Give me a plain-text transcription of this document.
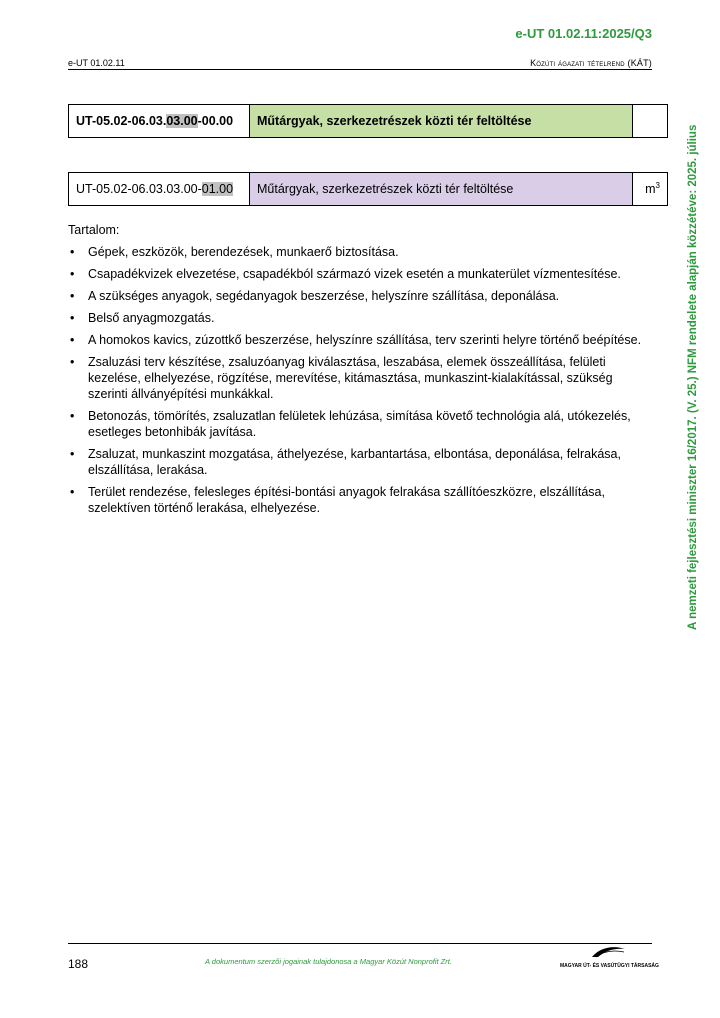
e-UT 01.02.11:2025/Q3
e-UT 01.02.11	Közúti ágazati tételrend (KÁT)
UT-05.02-06.03.03.00-00.00	Műtárgyak, szerkezetrészek közti tér feltöltése	
UT-05.02-06.03.03.00-01.00	Műtárgyak, szerkezetrészek közti tér feltöltése	$m^3$

Tartalom:

• Gépek, eszközök, berendezések, munkaerő biztosítása.
• Csapadékvizek elvezetése, csapadékból származó vizek esetén a munkaterület vízmentesítése.
• A szükséges anyagok, segédanyagok beszerzése, helyszínre szállítása, deponálása.
• Belső anyagmozgatás.
• A homokos kavics, zúzottkő beszerzése, helyszínre szállítása, terv szerinti helyre történő beépítése.
• Zsaluzási terv készítése, zsaluzóanyag kiválasztása, leszabása, elemek összeállítása, felületi kezelése, elhelyezése, rögzítése, merevítése, kitámasztása, munkaszint-kialakítással, szükség szerinti állványépítési munkákkal.
• Betonozás, tömörítés, zsaluzatlan felületek lehúzása, simítása követő technológia alá, utókezelés, esetleges betonhibák javítása.
• Zsaluzat, munkaszint mozgatása, áthelyezése, karbantartása, elbontása, deponálása, felrakása, elszállítása, lerakása.
• Terület rendezése, felesleges építési-bontási anyagok felrakása szállítóeszközre, elszállítása, szelektíven történő lerakása, elhelyezése.	A nemzeti fejlesztési miniszter 16/2017. (V. 25.) NFM rendelete alapján közzétéve: 2025. július
188	A dokumentum szerzői jogainak tulajdonosa a Magyar Közút Nonprofit Zrt.	MAGYAR ÚT- ÉS VASÚTÜGYI TÁRSASÁG
